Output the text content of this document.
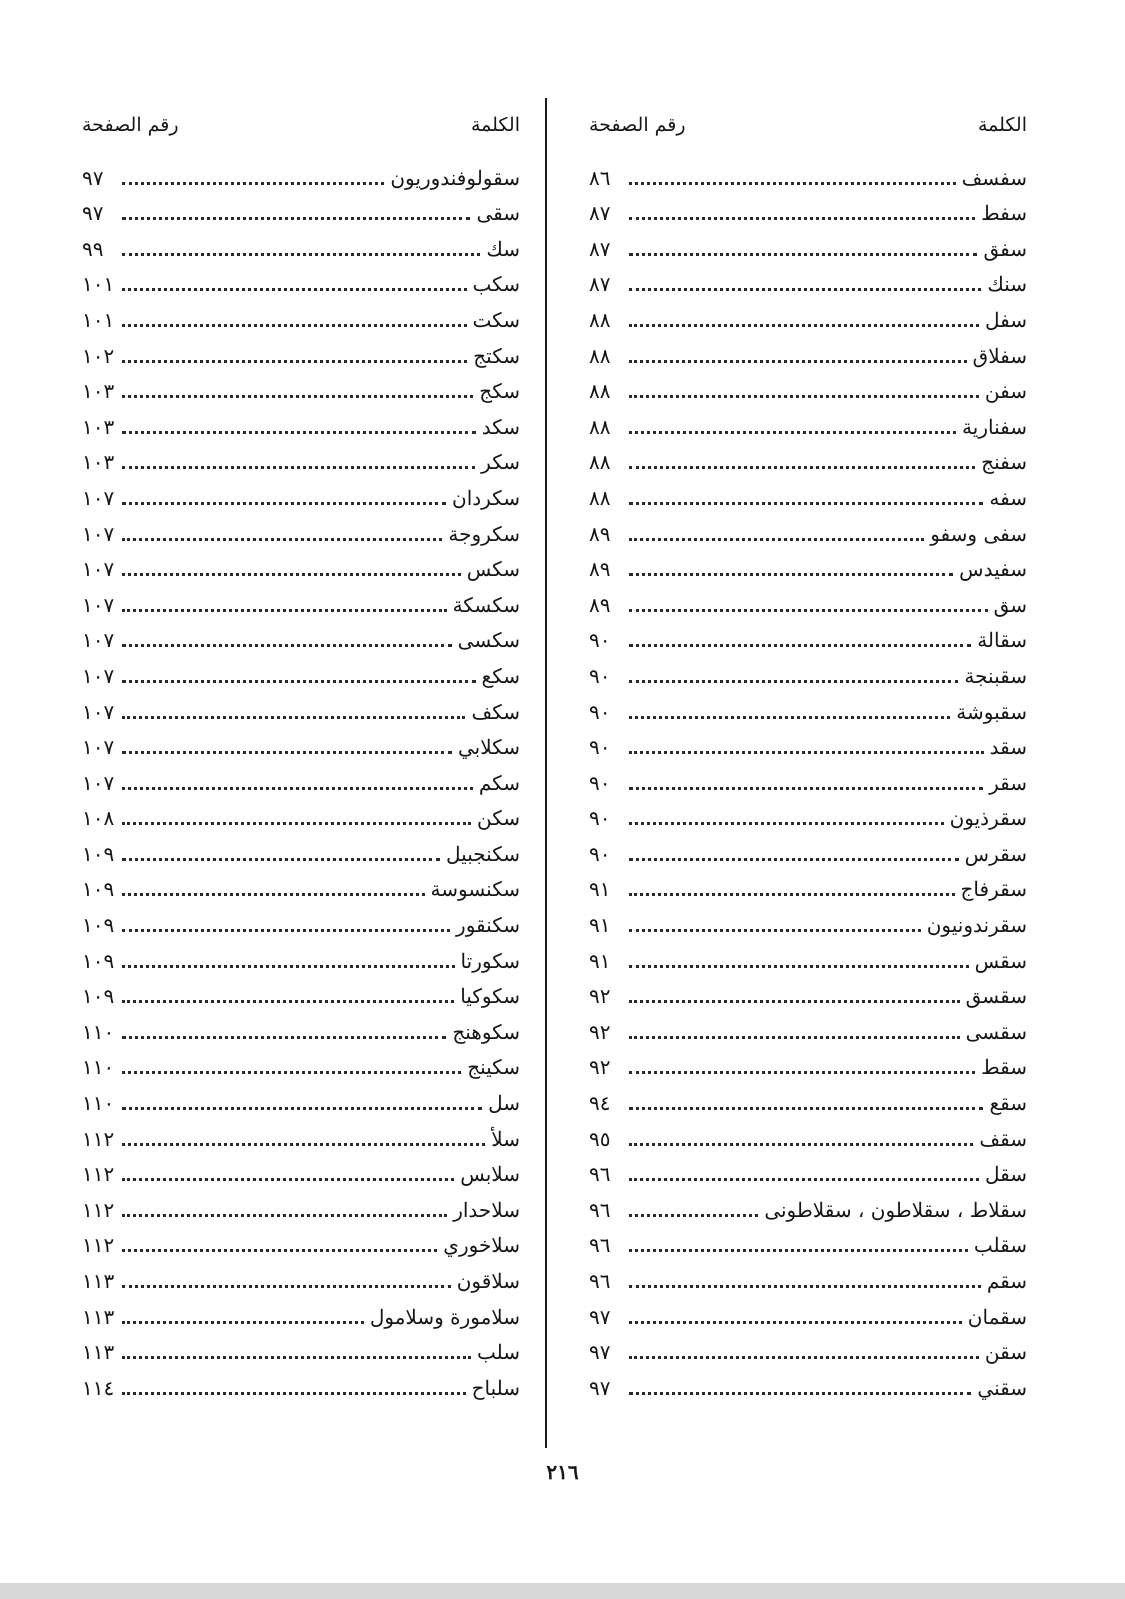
الكلمة
رقم الصفحة
سفسف
٨٦
سفط
٨٧
سفق
٨٧
سنك
٨٧
سفل
٨٨
سفلاق
٨٨
سفن
٨٨
سفنارية
٨٨
سفنج
٨٨
سفه
٨٨
سفى وسفو
٨٩
سفيدس
٨٩
سق
٨٩
سقالة
٩٠
سقبنجة
٩٠
سقبوشة
٩٠
سقد
٩٠
سقر
٩٠
سقرذيون
٩٠
سقرس
٩٠
سقرفاج
٩١
سقرندونيون
٩١
سقس
٩١
سقسق
٩٢
سقسى
٩٢
سقط
٩٢
سقع
٩٤
سقف
٩٥
سقل
٩٦
سقلاط ، سقلاطون ، سقلاطونى
٩٦
سقلب
٩٦
سقم
٩٦
سقمان
٩٧
سقن
٩٧
سقني
٩٧
الكلمة
رقم الصفحة
سقولوفندوريون
٩٧
سقى
٩٧
سك
٩٩
سكب
١٠١
سكت
١٠١
سكتج
١٠٢
سكج
١٠٣
سكد
١٠٣
سكر
١٠٣
سكردان
١٠٧
سكروجة
١٠٧
سكس
١٠٧
سكسكة
١٠٧
سكسى
١٠٧
سكع
١٠٧
سكف
١٠٧
سكلابي
١٠٧
سكم
١٠٧
سكن
١٠٨
سكنجبيل
١٠٩
سكنسوسة
١٠٩
سكنقور
١٠٩
سكورتا
١٠٩
سكوكيا
١٠٩
سكوهنج
١١٠
سكينج
١١٠
سل
١١٠
سلأ
١١٢
سلابس
١١٢
سلاحدار
١١٢
سلاخوري
١١٢
سلاقون
١١٣
سلامورة وسلامول
١١٣
سلب
١١٣
سلباح
١١٤
٢١٦
